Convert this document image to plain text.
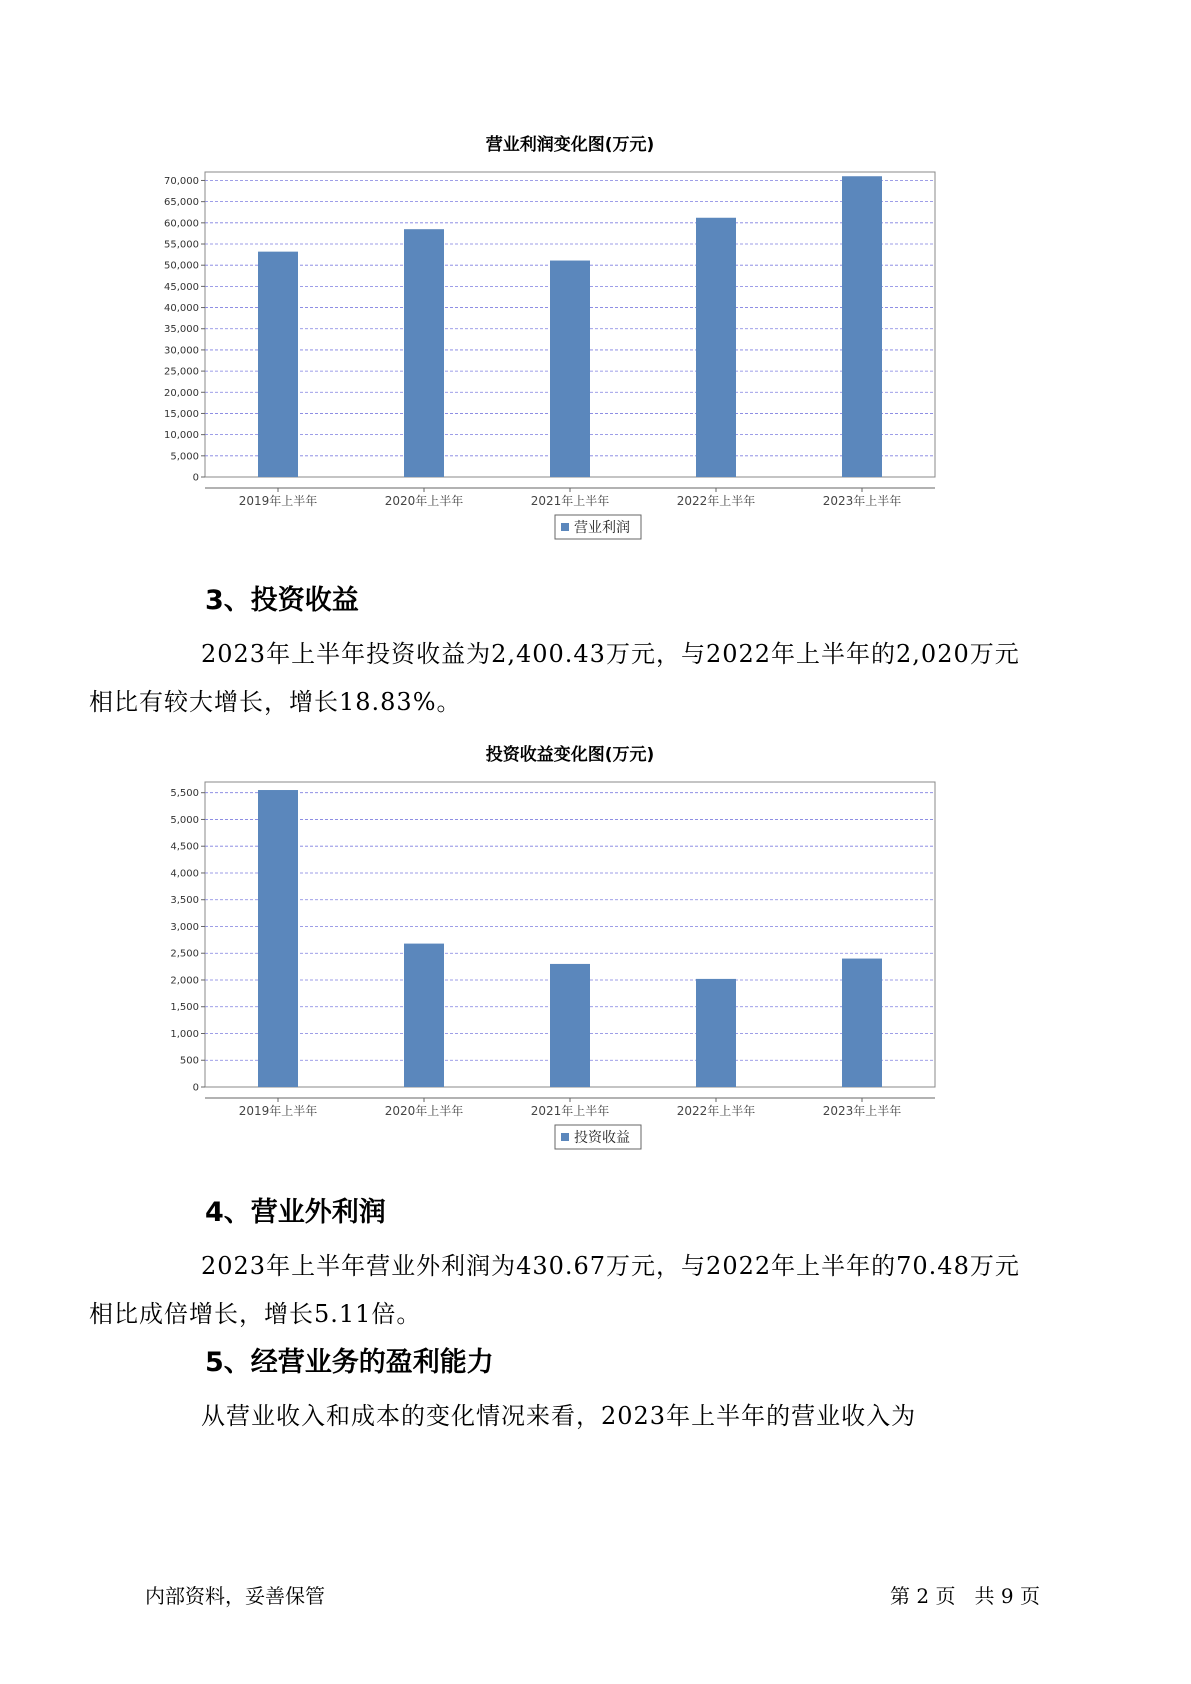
营业利润变化图(万元)
0
5,000
10,000
15,000
20,000
25,000
30,000
35,000
40,000
45,000
50,000
55,000
60,000
65,000
70,000
2019年上半年	2020年上半年	2021年上半年	2022年上半年	2023年上半年
营业利润
3、投资收益

2023年上半年投资收益为2,400.43万元，与2022年上半年的2,020万元
相比有较大增长，增长18.83%。

投资收益变化图(万元)
0
500
1,000
1,500
2,000
2,500
3,000
3,500
4,000
4,500
5,000
5,500
2019年上半年	2020年上半年	2021年上半年	2022年上半年	2023年上半年
投资收益
4、营业外利润

2023年上半年营业外利润为430.67万元，与2022年上半年的70.48万元
相比成倍增长，增长5.11倍。

5、经营业务的盈利能力

从营业收入和成本的变化情况来看，2023年上半年的营业收入为

内部资料，妥善保管	第 2 页   共 9 页
